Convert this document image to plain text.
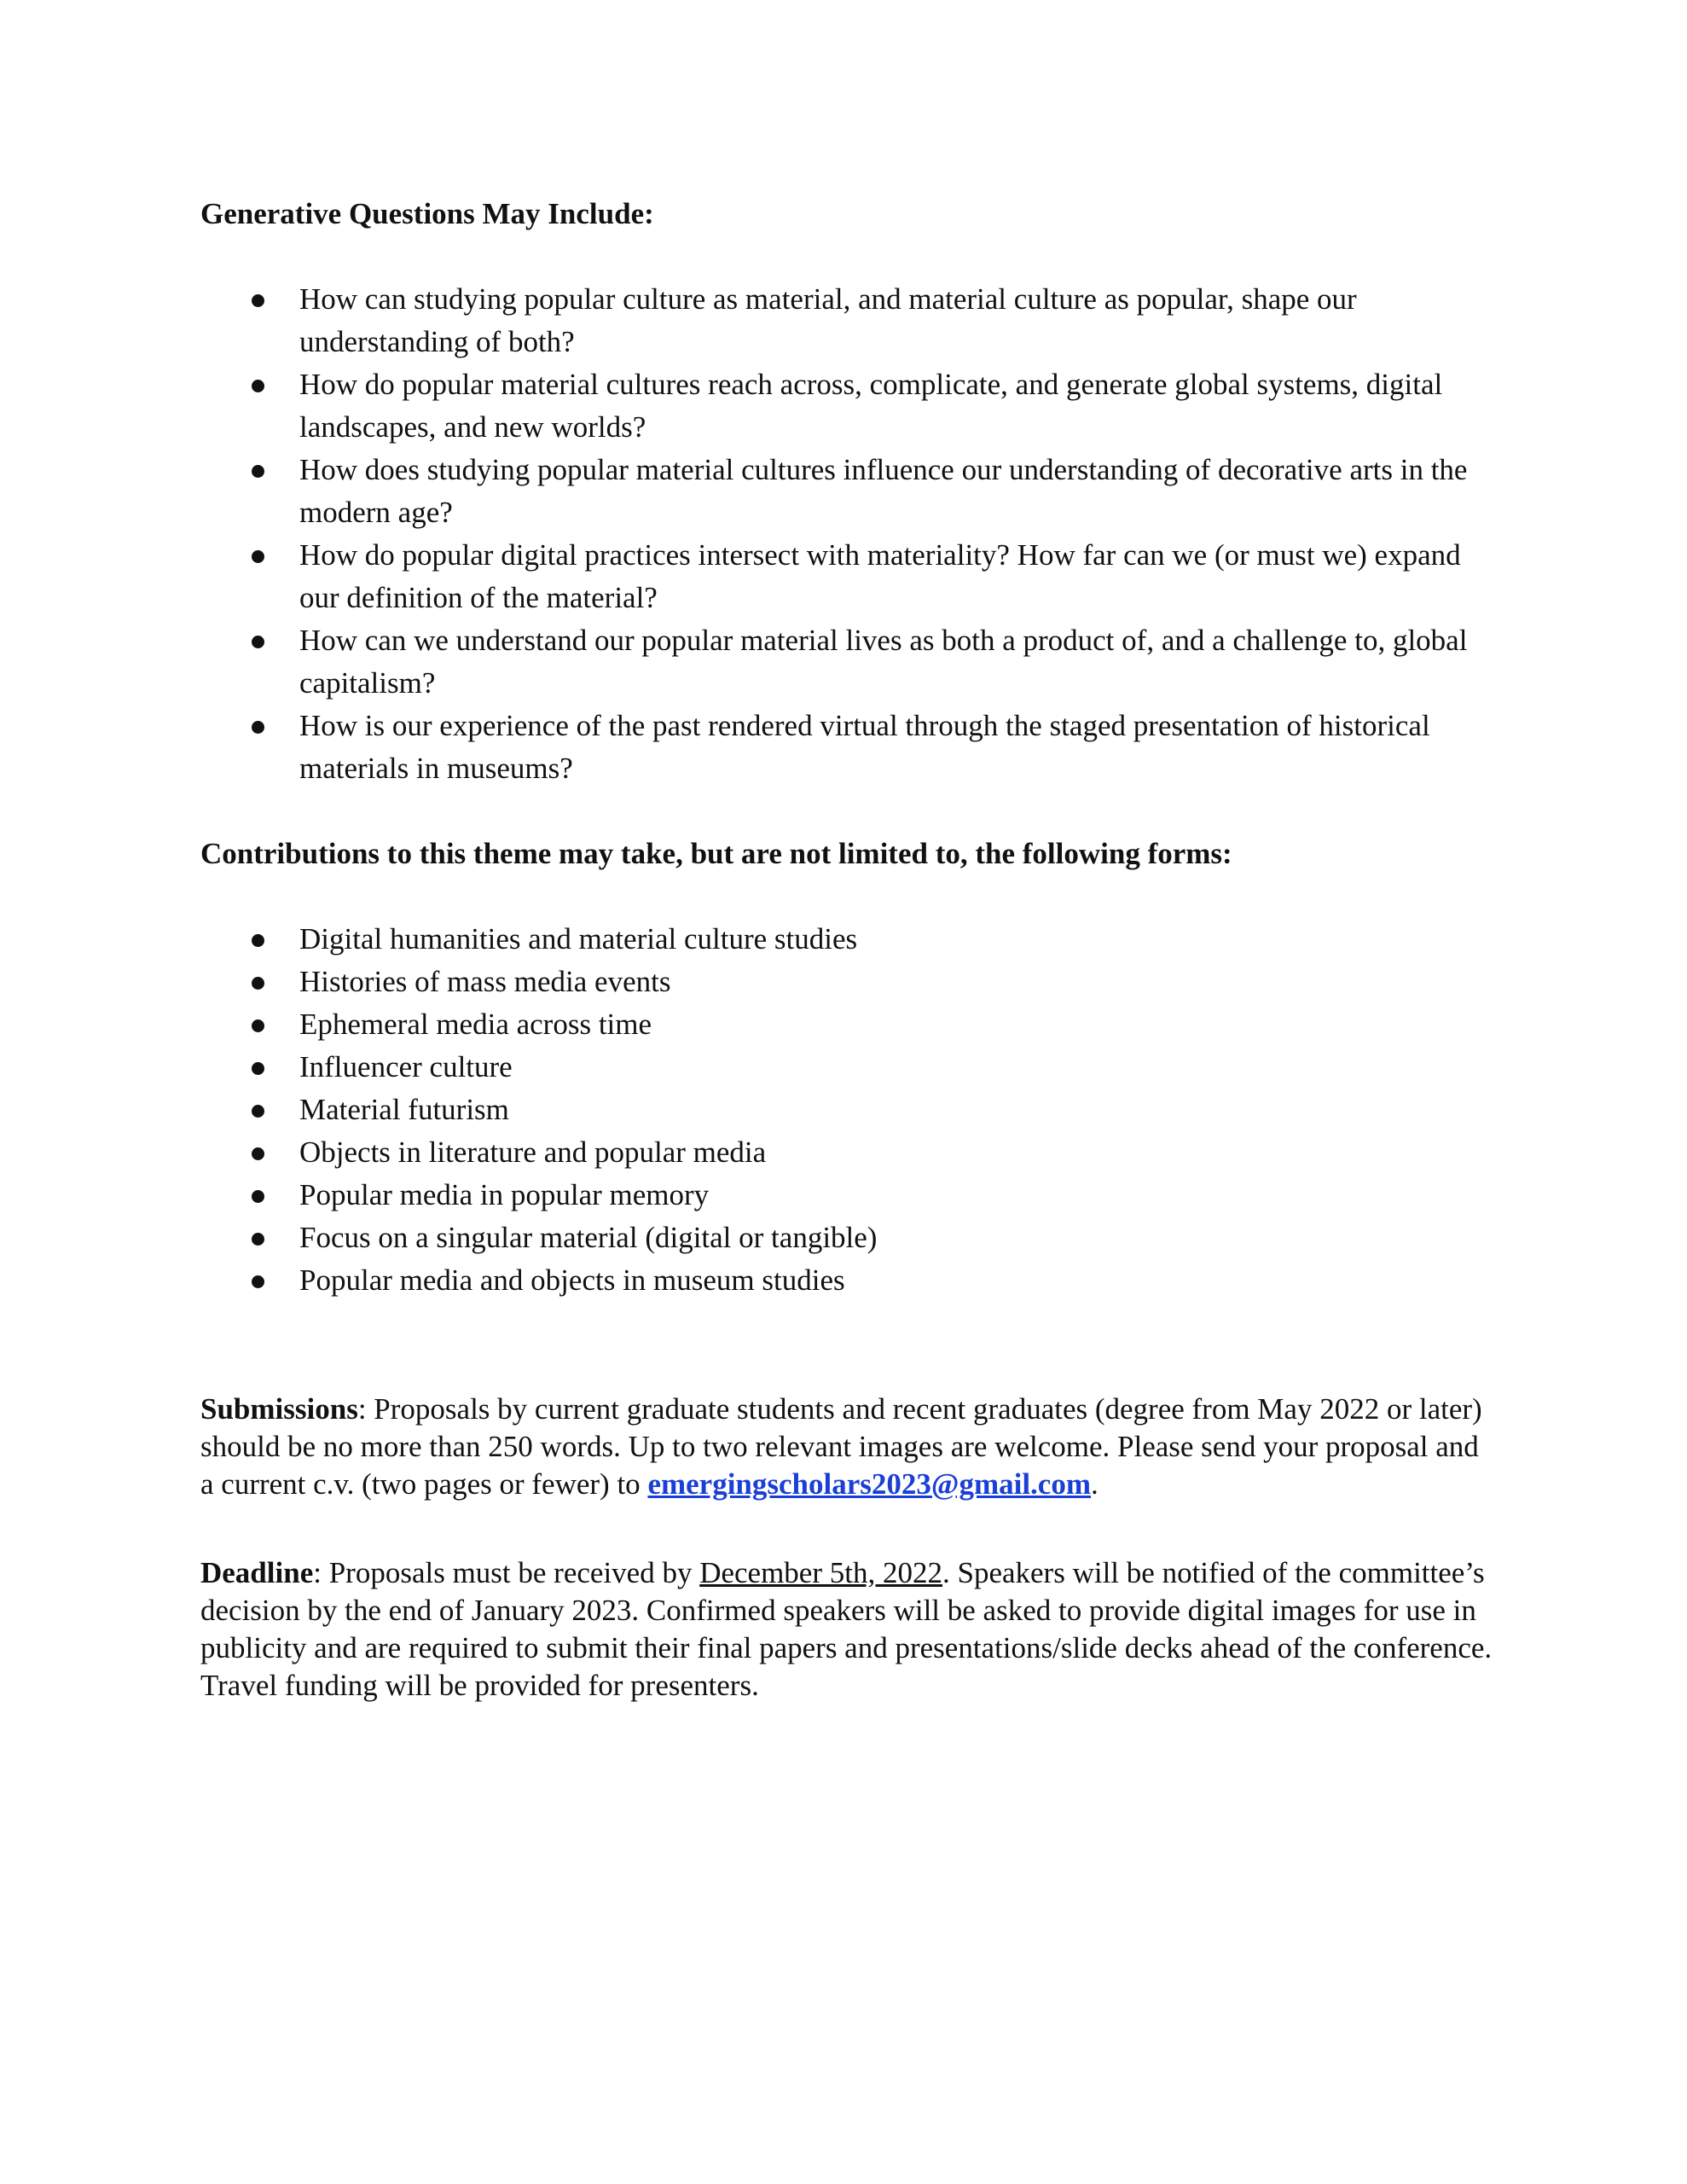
Generative Questions May Include:

How can studying popular culture as material, and material culture as popular, shape our understanding of both?
How do popular material cultures reach across, complicate, and generate global systems, digital landscapes, and new worlds?
How does studying popular material cultures influence our understanding of decorative arts in the modern age?
How do popular digital practices intersect with materiality? How far can we (or must we) expand our definition of the material?
How can we understand our popular material lives as both a product of, and a challenge to, global capitalism?
How is our experience of the past rendered virtual through the staged presentation of historical materials in museums?

Contributions to this theme may take, but are not limited to, the following forms:

Digital humanities and material culture studies
Histories of mass media events
Ephemeral media across time
Influencer culture
Material futurism
Objects in literature and popular media
Popular media in popular memory
Focus on a singular material (digital or tangible)
Popular media and objects in museum studies

Submissions: Proposals by current graduate students and recent graduates (degree from May 2022 or later) should be no more than 250 words. Up to two relevant images are welcome. Please send your proposal and a current c.v. (two pages or fewer) to emergingscholars2023@gmail.com.

Deadline: Proposals must be received by December 5th, 2022. Speakers will be notified of the committee’s decision by the end of January 2023. Confirmed speakers will be asked to provide digital images for use in publicity and are required to submit their final papers and presentations/slide decks ahead of the conference. Travel funding will be provided for presenters.
